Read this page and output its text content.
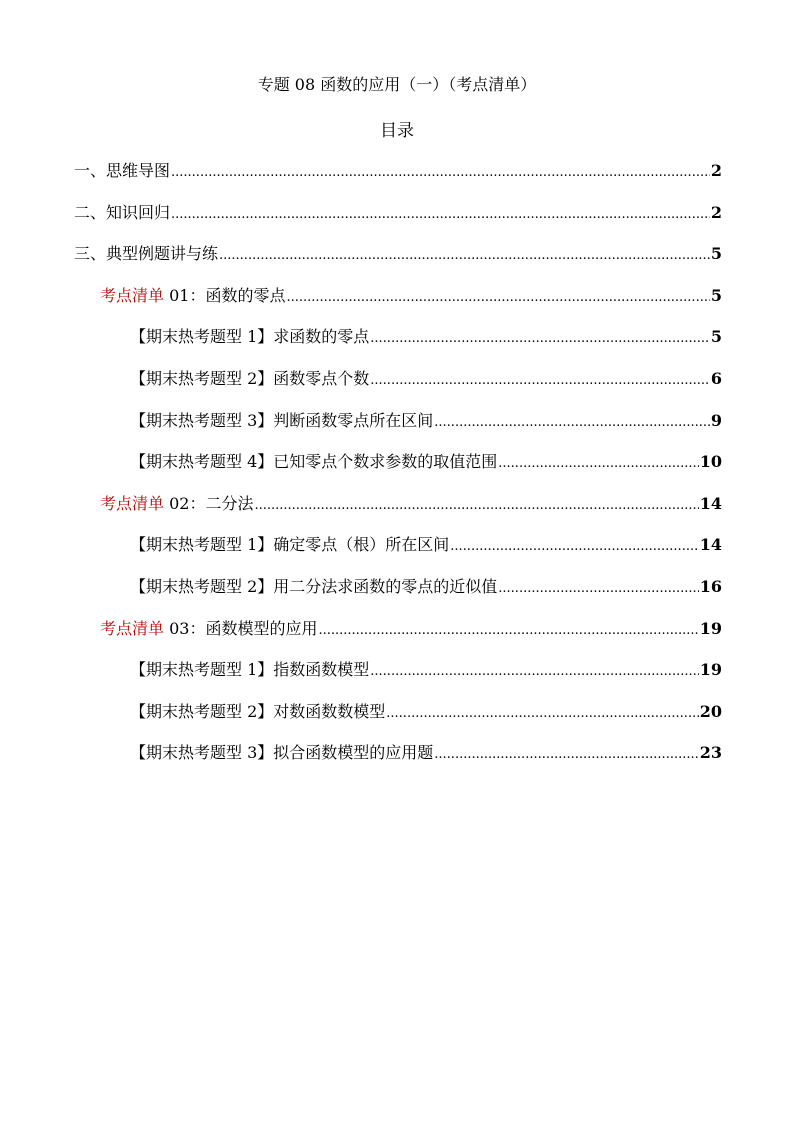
专题 08 函数的应用（一）（考点清单）
目录
一、思维导图 .....	2
二、知识回归 .....	2
三、典型例题讲与练 .....	5
考点清单 01：函数的零点 .....	5
【期末热考题型 1】求函数的零点 .....	5
【期末热考题型 2】函数零点个数 .....	6
【期末热考题型 3】判断函数零点所在区间 .....	9
【期末热考题型 4】已知零点个数求参数的取值范围 .....	10
考点清单 02：二分法 .....	14
【期末热考题型 1】确定零点（根）所在区间 .....	14
【期末热考题型 2】用二分法求函数的零点的近似值 .....	16
考点清单 03：函数模型的应用 .....	19
【期末热考题型 1】指数函数模型 .....	19
【期末热考题型 2】对数函数数模型 .....	20
【期末热考题型 3】拟合函数模型的应用题 .....	23
